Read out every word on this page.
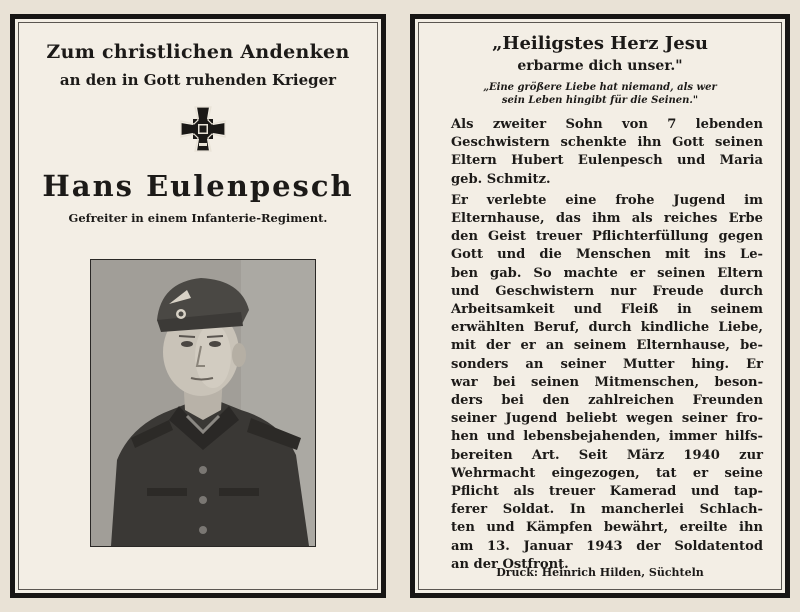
Zum christlichen Andenken
an den in Gott ruhenden Krieger
Hans Eulenpesch
Gefreiter in einem Infanterie-Regiment.
„Heiligstes Herz Jesu
erbarme dich unser."
„Eine größere Liebe hat niemand, als wer
sein Leben hingibt für die Seinen."

Als zweiter Sohn von 7 lebenden
Geschwistern schenkte ihn Gott seinen
Eltern Hubert Eulenpesch und Maria
geb. Schmitz.

Er verlebte eine frohe Jugend im
Elternhause, das ihm als reiches Erbe
den Geist treuer Pflichterfüllung gegen
Gott und die Menschen mit ins Le-
ben gab. So machte er seinen Eltern
und Geschwistern nur Freude durch
Arbeitsamkeit und Fleiß in seinem
erwählten Beruf, durch kindliche Liebe,
mit der er an seinem Elternhause, be-
sonders an seiner Mutter hing. Er
war bei seinen Mitmenschen, beson-
ders bei den zahlreichen Freunden
seiner Jugend beliebt wegen seiner fro-
hen und lebensbejahenden, immer hilfs-
bereiten Art. Seit März 1940 zur
Wehrmacht eingezogen, tat er seine
Pflicht als treuer Kamerad und tap-
ferer Soldat. In mancherlei Schlach-
ten und Kämpfen bewährt, ereilte ihn
am 13. Januar 1943 der Soldatentod
an der Ostfront.

Druck: Heinrich Hilden, Süchteln
